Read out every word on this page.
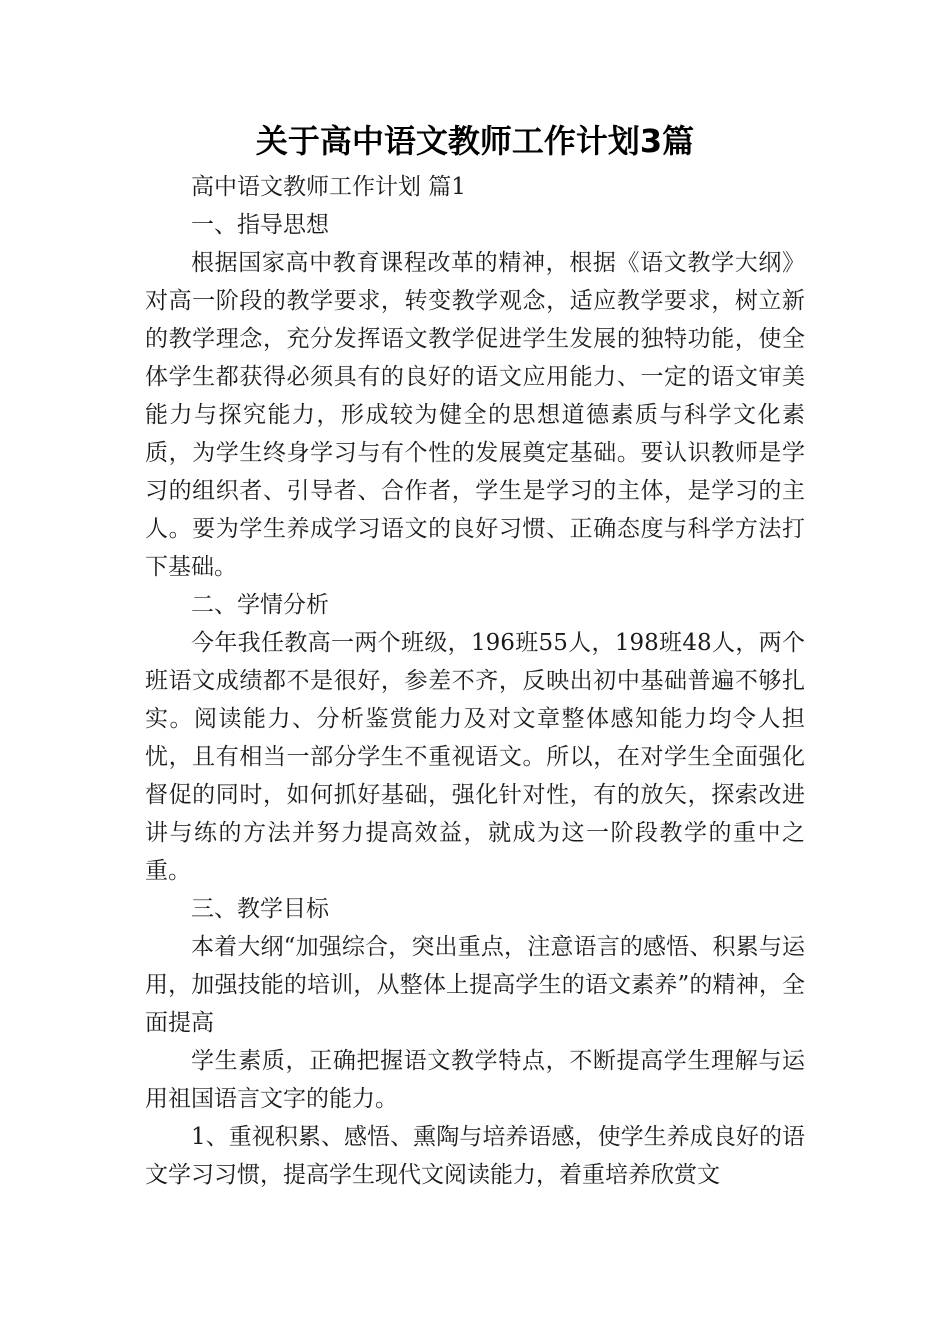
关于高中语文教师工作计划3篇

高中语文教师工作计划 篇1

一、指导思想

根据国家高中教育课程改革的精神，根据《语文教学大纲》对高一阶段的教学要求，转变教学观念，适应教学要求，树立新的教学理念，充分发挥语文教学促进学生发展的独特功能，使全体学生都获得必须具有的良好的语文应用能力、一定的语文审美能力与探究能力，形成较为健全的思想道德素质与科学文化素质，为学生终身学习与有个性的发展奠定基础。要认识教师是学习的组织者、引导者、合作者，学生是学习的主体，是学习的主人。要为学生养成学习语文的良好习惯、正确态度与科学方法打下基础。

二、学情分析

今年我任教高一两个班级，196班55人，198班48人，两个班语文成绩都不是很好，参差不齐，反映出初中基础普遍不够扎实。阅读能力、分析鉴赏能力及对文章整体感知能力均令人担忧，且有相当一部分学生不重视语文。所以，在对学生全面强化督促的同时，如何抓好基础，强化针对性，有的放矢，探索改进讲与练的方法并努力提高效益，就成为这一阶段教学的重中之重。

三、教学目标

本着大纲“加强综合，突出重点，注意语言的感悟、积累与运用，加强技能的培训，从整体上提高学生的语文素养”的精神，全面提高

学生素质，正确把握语文教学特点，不断提高学生理解与运用祖国语言文字的能力。

1、重视积累、感悟、熏陶与培养语感，使学生养成良好的语文学习习惯，提高学生现代文阅读能力，着重培养欣赏文
